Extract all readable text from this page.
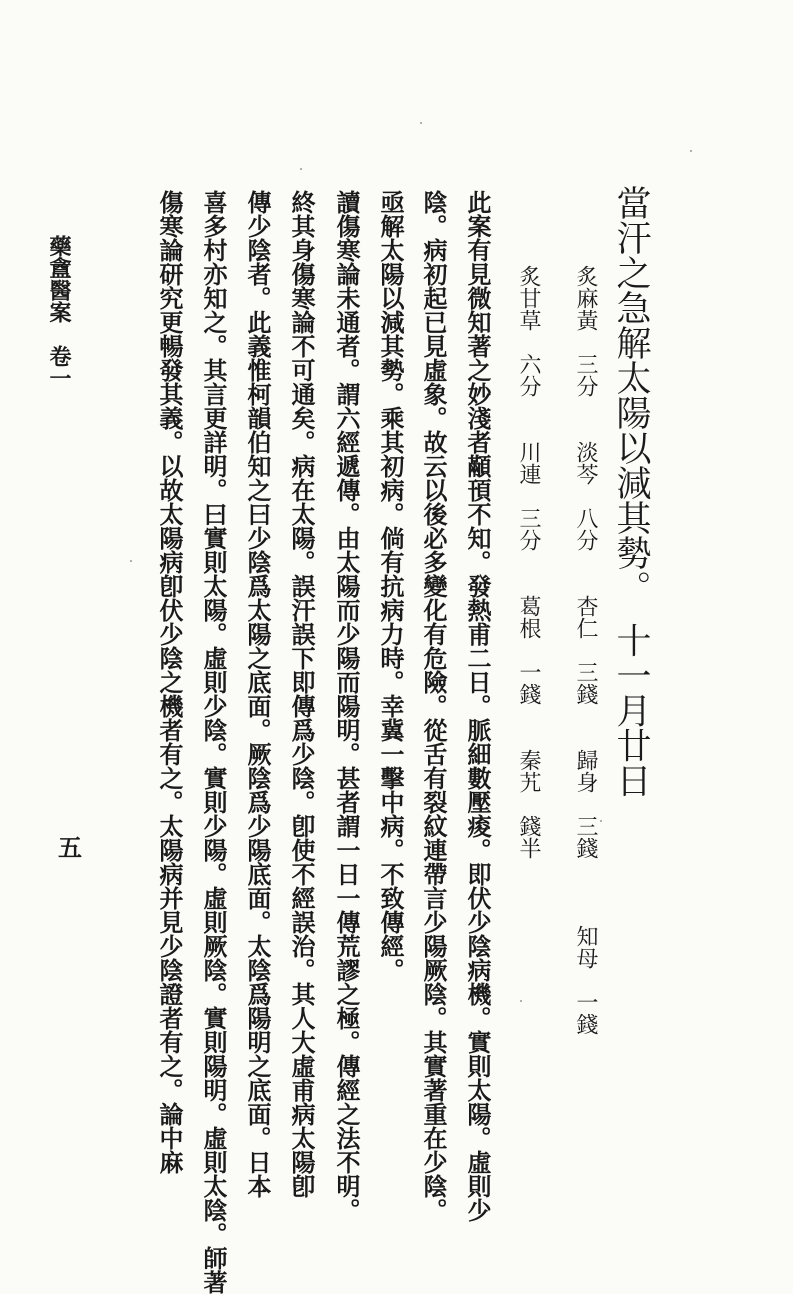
當汗之急解太陽以減其勢。　十一月廿日
炙麻黃　三分　　淡芩　八分　　杏仁　三錢　　歸身　三錢　　　知母　一錢
炙甘草　六分　　川連　三分　　葛根　一錢　　秦艽　錢半
此案有見微知著之妙淺者顢頇不知。發熱甫二日。脈細數壓痠。即伏少陰病機。實則太陽。虛則少
陰。病初起已見虛象。故云以後必多變化有危險。從舌有裂紋連帶言少陽厥陰。其實著重在少陰。
亟解太陽以減其勢。乘其初病。倘有抗病力時。幸冀一擊中病。不致傳經。
讀傷寒論未通者。謂六經遞傳。由太陽而少陽而陽明。甚者謂一日一傳荒謬之極。傳經之法不明。
終其身傷寒論不可通矣。病在太陽。誤汗誤下即傳爲少陰。卽使不經誤治。其人大虛甫病太陽卽
傳少陰者。此義惟柯韻伯知之曰少陰爲太陽之底面。厥陰爲少陽底面。太陰爲陽明之底面。日本
喜多村亦知之。其言更詳明。曰實則太陽。虛則少陰。實則少陽。虛則厥陰。實則陽明。虛則太陰。師著
傷寒論研究更暢發其義。以故太陽病卽伏少陰之機者有之。太陽病并見少陰證者有之。論中麻
藥盦醫案　卷一
五
